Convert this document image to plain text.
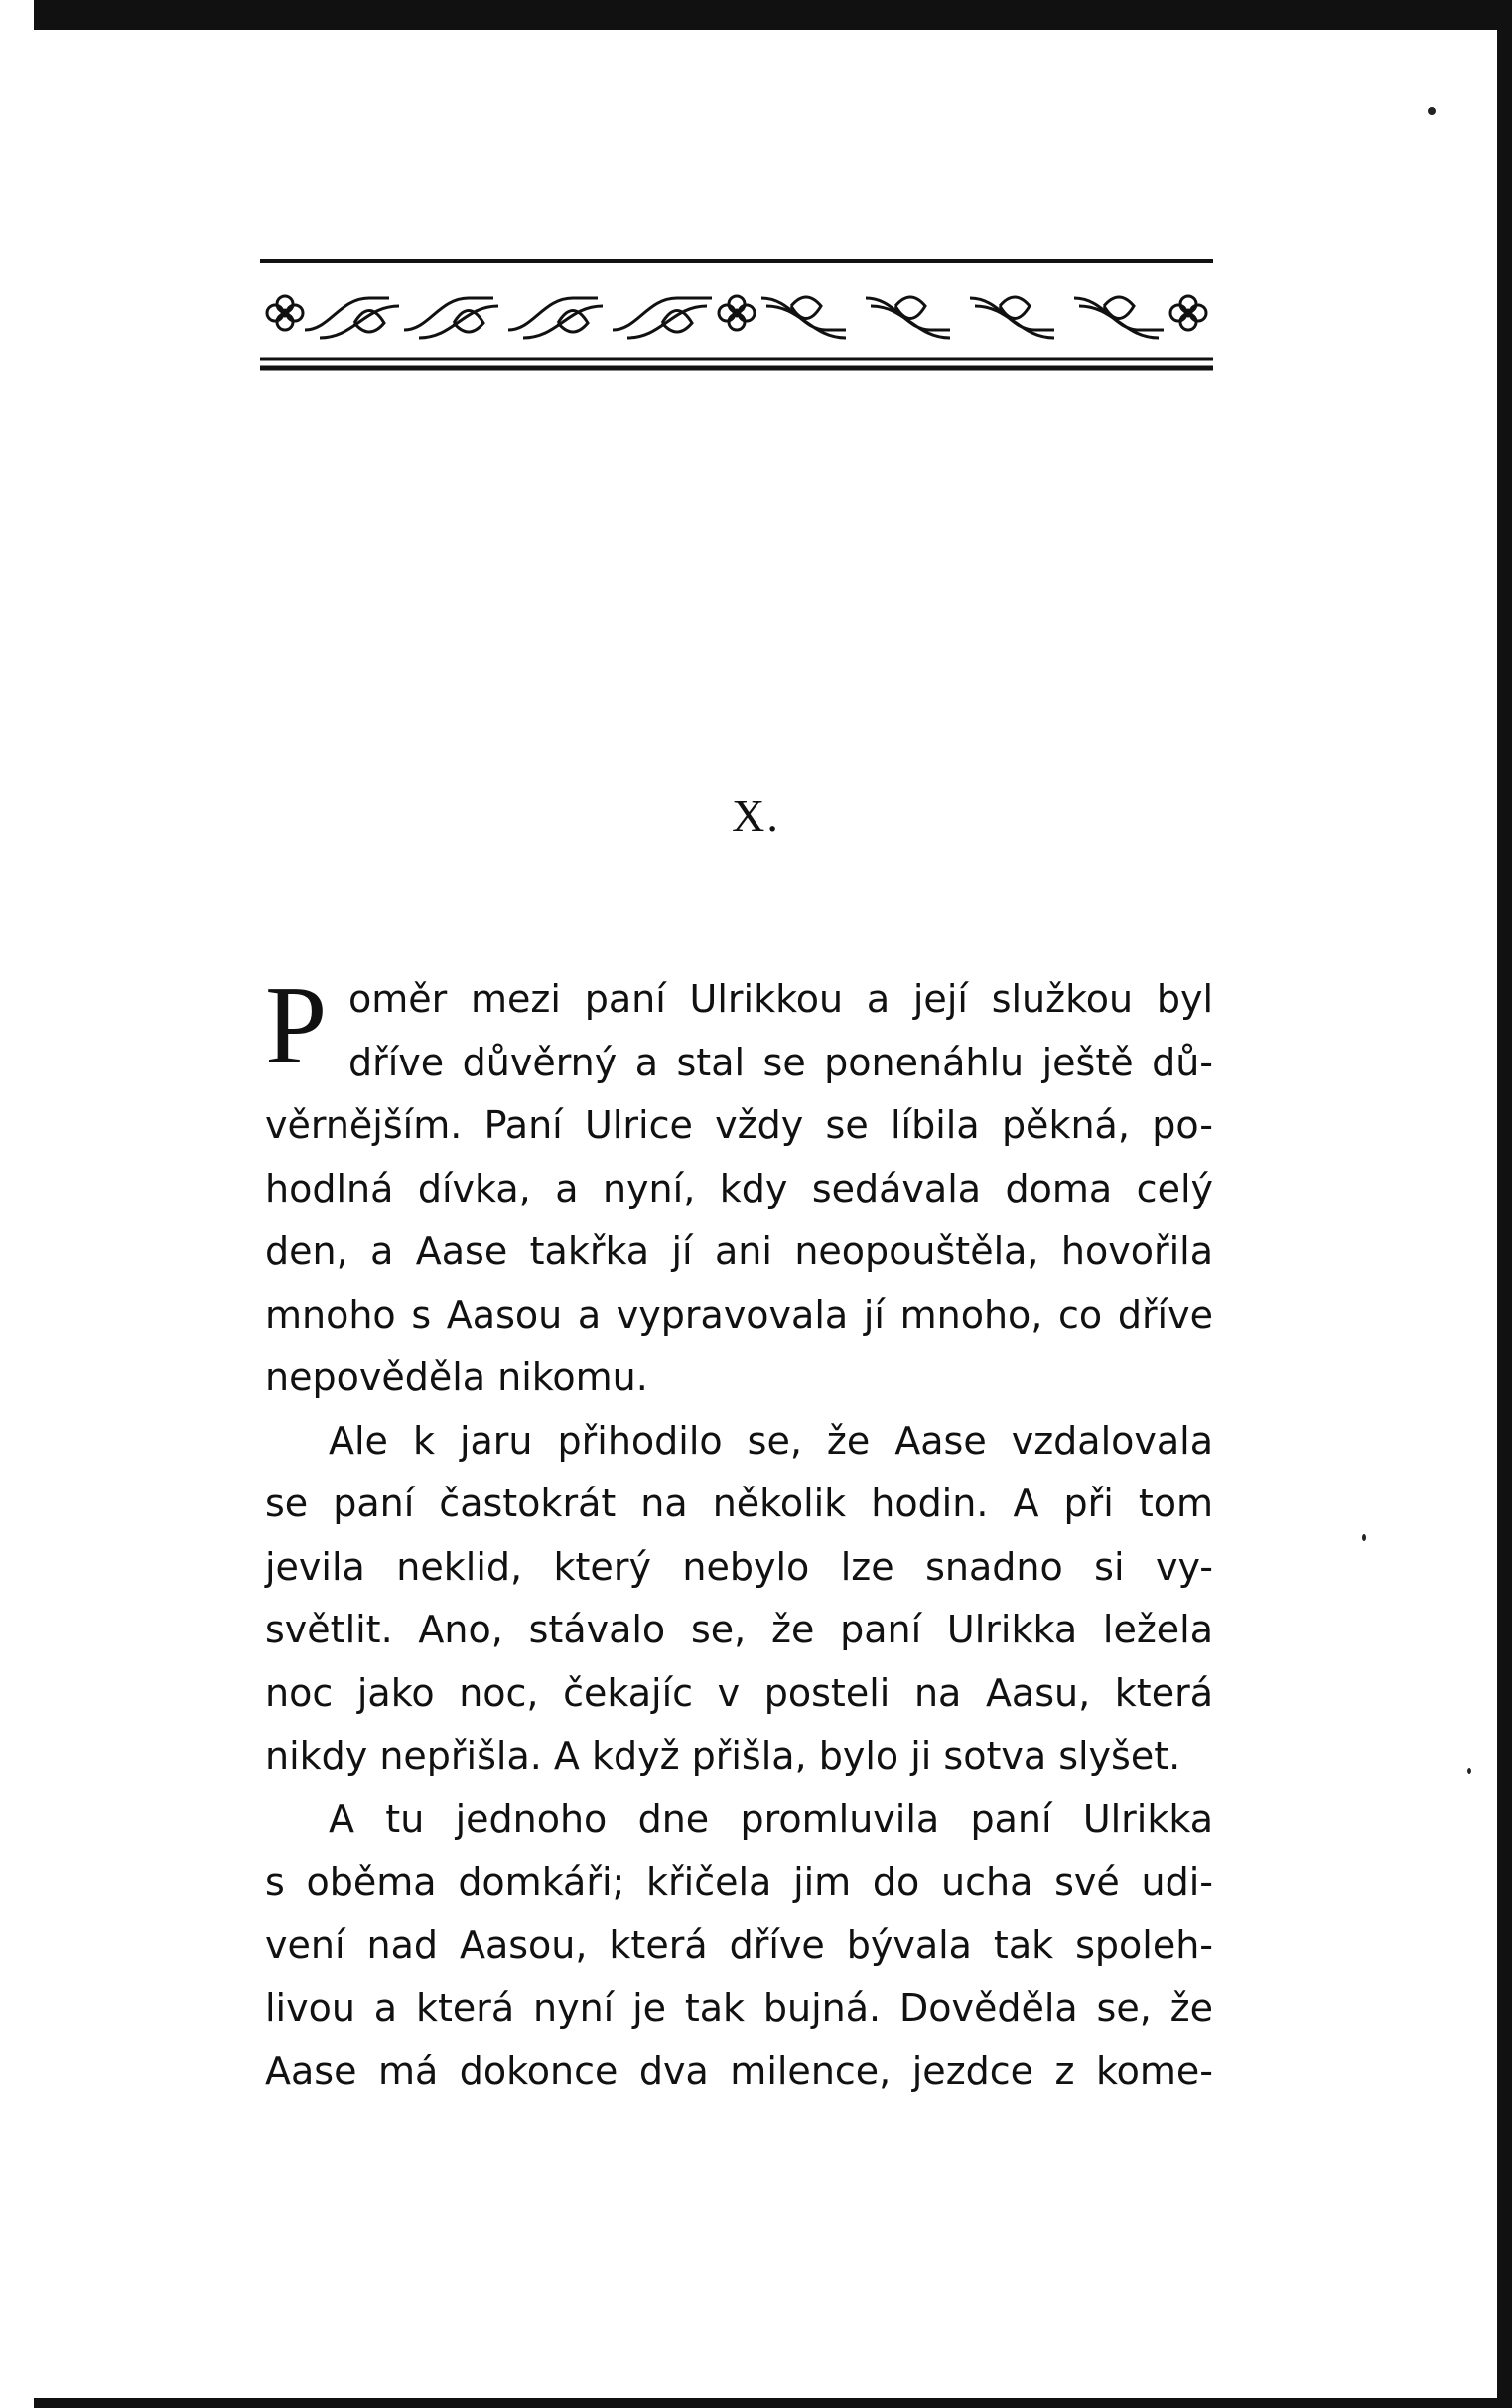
X.
P oměr mezi paní Ulrikkou a její služkou byl
dříve důvěrný a stal se ponenáhlu ještě dů-
věrnějším. Paní Ulrice vždy se líbila pěkná, po-
hodlná dívka, a nyní, kdy sedávala doma celý
den, a Aase takřka jí ani neopouštěla, hovořila
mnoho s Aasou a vypravovala jí mnoho, co dříve
nepověděla nikomu.
Ale k jaru přihodilo se, že Aase vzdalovala
se paní častokrát na několik hodin. A při tom
jevila neklid, který nebylo lze snadno si vy-
světlit. Ano, stávalo se, že paní Ulrikka ležela
noc jako noc, čekajíc v posteli na Aasu, která
nikdy nepřišla. A když přišla, bylo ji sotva slyšet.
A tu jednoho dne promluvila paní Ulrikka
s oběma domkáři; křičela jim do ucha své udi-
vení nad Aasou, která dříve bývala tak spoleh-
livou a která nyní je tak bujná. Dověděla se, že
Aase má dokonce dva milence, jezdce z kome-
